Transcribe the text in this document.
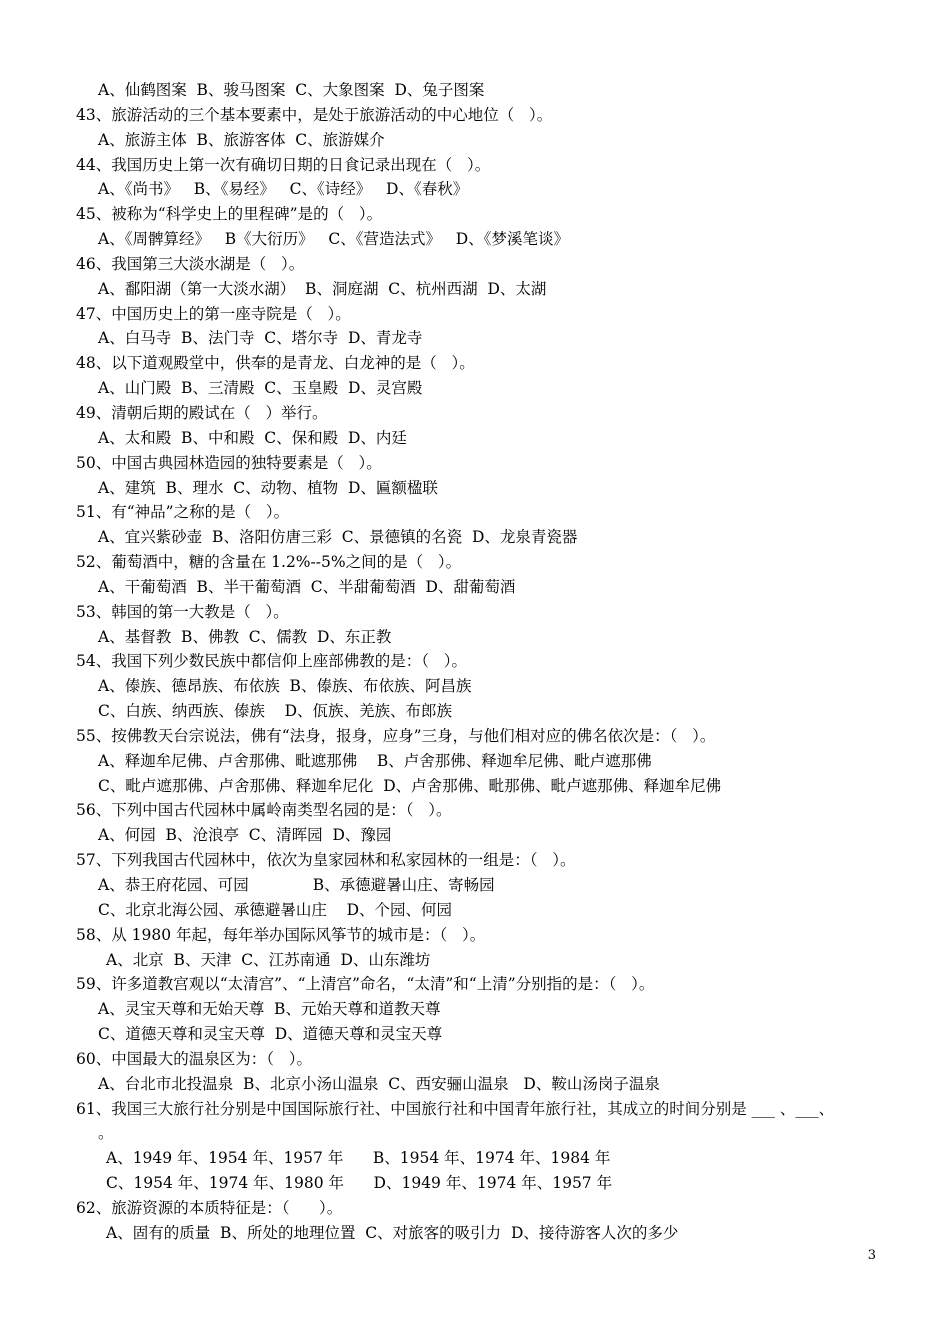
A、仙鹤图案  B、骏马图案  C、大象图案  D、兔子图案
43、旅游活动的三个基本要素中，是处于旅游活动的中心地位（   ）。
A、旅游主体  B、旅游客体  C、旅游媒介
44、我国历史上第一次有确切日期的日食记录出现在（   ）。
A、《尚书》   B、《易经》   C、《诗经》   D、《春秋》
45、被称为“科学史上的里程碑”是的（   ）。
A、《周髀算经》   B《大衍历》   C、《营造法式》   D、《梦溪笔谈》
46、我国第三大淡水湖是（   ）。
A、鄱阳湖（第一大淡水湖）  B、洞庭湖  C、杭州西湖  D、太湖
47、中国历史上的第一座寺院是（   ）。
A、白马寺  B、法门寺  C、塔尔寺  D、青龙寺
48、以下道观殿堂中，供奉的是青龙、白龙神的是（   ）。
A、山门殿  B、三清殿  C、玉皇殿  D、灵宫殿
49、清朝后期的殿试在（   ）举行。
A、太和殿  B、中和殿  C、保和殿  D、内廷
50、中国古典园林造园的独特要素是（   ）。
A、建筑  B、理水  C、动物、植物  D、匾额楹联
51、有“神品”之称的是（   ）。
A、宜兴紫砂壶  B、洛阳仿唐三彩  C、景德镇的名瓷  D、龙泉青瓷器
52、葡萄酒中，糖的含量在 1.2%--5%之间的是（   ）。
A、干葡萄酒  B、半干葡萄酒  C、半甜葡萄酒  D、甜葡萄酒
53、韩国的第一大教是（   ）。
A、基督教  B、佛教  C、儒教  D、东正教
54、我国下列少数民族中都信仰上座部佛教的是：（   ）。
A、傣族、德昂族、布依族  B、傣族、布依族、阿昌族
C、白族、纳西族、傣族    D、佤族、羌族、布郎族
55、按佛教天台宗说法，佛有“法身，报身，应身”三身，与他们相对应的佛名依次是：（   ）。
A、释迦牟尼佛、卢舍那佛、毗遮那佛    B、卢舍那佛、释迦牟尼佛、毗卢遮那佛
C、毗卢遮那佛、卢舍那佛、释迦牟尼化  D、卢舍那佛、毗那佛、毗卢遮那佛、释迦牟尼佛
56、下列中国古代园林中属岭南类型名园的是：（   ）。
A、何园  B、沧浪亭  C、清晖园  D、豫园
57、下列我国古代园林中，依次为皇家园林和私家园林的一组是：（   ）。
A、恭王府花园、可园             B、承德避暑山庄、寄畅园
C、北京北海公园、承德避暑山庄    D、个园、何园
58、从 1980 年起，每年举办国际风筝节的城市是：（   ）。
A、北京  B、天津  C、江苏南通  D、山东潍坊
59、许多道教宫观以“太清宫”、“上清宫”命名，“太清”和“上清”分别指的是：（   ）。
A、灵宝天尊和无始天尊  B、元始天尊和道教天尊
C、道德天尊和灵宝天尊  D、道德天尊和灵宝天尊
60、中国最大的温泉区为：（   ）。
A、台北市北投温泉  B、北京小汤山温泉  C、西安骊山温泉   D、鞍山汤岗子温泉
61、我国三大旅行社分别是中国国际旅行社、中国旅行社和中国青年旅行社，其成立的时间分别是 ___ 、___、
。
A、1949 年、1954 年、1957 年      B、1954 年、1974 年、1984 年
C、1954 年、1974 年、1980 年      D、1949 年、1974 年、1957 年
62、旅游资源的本质特征是：（      ）。
A、固有的质量  B、所处的地理位置  C、对旅客的吸引力  D、接待游客人次的多少
3
